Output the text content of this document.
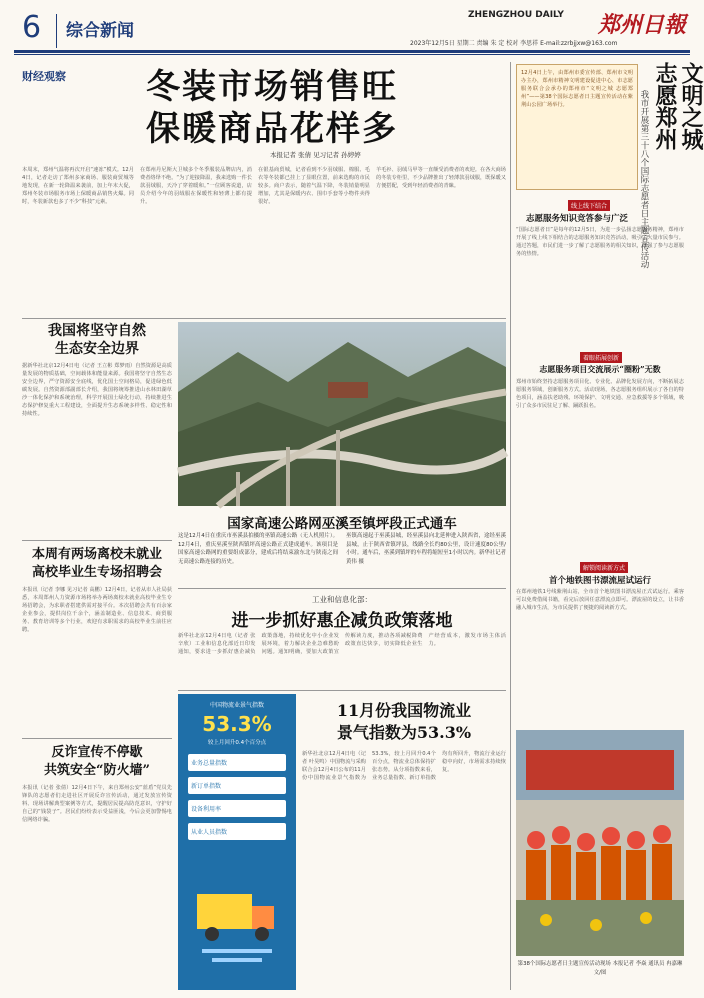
6 综合新闻
ZHENGZHOU DAILY 郑州日報
2023年12月5日 星期二 责编 朱 定 校对 李思祥 E-mail:zzrbjjxw@163.com
财经观察 冬装市场销售旺
保暖商品花样多
本报记者 张倩 见习记者 孙婷婷
本周末，郑州气温将再次开启“速冻”模式。12月4日，记者走访了郑州多家商场、服装商贸城等地发现，在新一轮降温来袭前，加上年末大促，郑州冬装市场服务市场上保暖商品销售火爆。同时，冬装新款也多了不少“科技”元素。
在郑州丹尼斯大卫城多个冬季服装品牌店内，消费者络绎不绝。“为了迎接降温，我来选购一件长款羽绒服，天冷了穿着暖和。”一位顾客说道，店员介绍今年的羽绒服在保暖性和轻薄上都有提升。
在银基商贸城，记者看到不少羽绒服、棉服、毛衣等冬装都已挂上了显眼位置，前来选购的市民较多。商户表示，随着气温下降，冬装销量明显增加，尤其是保暖内衣、围巾手套等小物件卖得很好。
羊毛衫、羽绒马甲等一直颇受消费者的欢迎。在各大商场的冬装专柜里，不少品牌推出了轻薄款羽绒服，既保暖又方便搭配，受到年轻消费者的青睐。
我国将坚守自然
生态安全边界
据新华社北京12月4日电（记者 王立彬 郑梦雨）自然资源是高质量发展的物质基础，空间载体和能量来源。我国将坚守自然生态安全边界，严守资源安全底线，优化国土空间格局，促进绿色低碳发展。自然资源部副部长介绍，我国将统筹推进山水林田湖草沙一体化保护和系统治理，科学开展国土绿化行动，持续推进生态保护修复重大工程建设，全面提升生态系统多样性、稳定性和持续性。
本周有两场离校未就业
高校毕业生专场招聘会
本报讯（记者 李娜 见习记者 高鹏）12月4日，记者从市人社局获悉，本周郑州人力资源市场将举办两场离校未就业高校毕业生专场招聘会，为求职者搭建供需对接平台。本次招聘会共有百余家企业参会，提供岗位千余个，涵盖制造业、信息技术、商贸服务、教育培训等多个行业，欢迎有求职需求的高校毕业生前往应聘。
反诈宣传不停歇
共筑安全“防火墙”
本报讯（记者 张倩）12月4日下午，来自郑州公安“蓝盾”党员先锋队的志愿者们走进社区开展反诈宣传活动，通过发放宣传资料、现场讲解典型案例等方式，提醒居民提高防范意识，守护好自己的“钱袋子”。居民们纷纷表示受益匪浅，今后会更加警惕电信网络诈骗。
国家高速公路网巫溪至镇坪段正式通车
这是12月4日在重庆市巫溪县拍摄的巫镇高速公路（无人机照片）。12月4日，重庆巫溪至陕西镇坪高速公路正式建成通车。该项目是国家高速公路网的重要组成部分，建成后将结束渝东北与陕南之间无高速公路连接的历史。
巫镇高速起于巫溪县城，经巫溪县向北延伸进入陕西省，途经巫溪县城，止于陕西省镇坪县，线路全长约80公里，设计速度80公里/小时。通车后，巫溪到镇坪的车程将缩短至1小时以内。新华社记者 黄伟 摄
工业和信息化部：
进一步抓好惠企减负政策落地
新华社北京12月4日电（记者 张辛欣）工业和信息化部近日印发通知，要求进一步抓好惠企减负政策落地，持续优化中小企业发展环境，着力解决企业急难愁盼问题。通知明确，要加大政策宣传解读力度，推动各项减税降费政策直达快享，切实降低企业生产经营成本，激发市场主体活力。
中国物流业景气指数
53.3%
较上月回升0.4个百分点
业务总量指数
新订单指数
设备利用率
从业人员指数
11月份我国物流业
景气指数为53.3%
新华社北京12月4日电（记者 叶昊鸣）中国物流与采购联合会12月4日公布的11月份中国物流业景气指数为53.3%，较上月回升0.4个百分点，物流业总体保持扩张态势。从分项指数来看，业务总量指数、新订单指数均有所回升，物流行业运行稳中向好，市场需求持续恢复。
12月4日上午，由郑州市委宣传部、郑州市文明办主办，郑州市精神文明建设促进中心、市志愿服务联合会承办的郑州市“文明之城 志愿郑州”——第38个国际志愿者日主题宣传活动在紫荆山公园广场举行。	文明之城
志愿郑州
我市开展第三十八个国际志愿者日主题宣传活动
线上线下结合
志愿服务知识竞答参与广泛
“国际志愿者日”是每年的12月5日，为进一步弘扬志愿服务精神，郑州市开展了线上线下相结合的志愿服务知识竞答活动，吸引了大量市民参与。通过答题，市民们进一步了解了志愿服务的相关知识，增强了参与志愿服务的热情。
着眼拓展创新
志愿服务项目交流展示“圈粉”无数
郑州市始终坚持志愿服务项目化、专业化、品牌化发展方向，不断拓展志愿服务领域，创新服务方式。活动现场，各志愿服务组织展示了各自的特色项目，涵盖扶老助残、环境保护、文明交通、应急救援等多个领域，吸引了众多市民驻足了解、踊跃报名。
解锁阅读新方式
首个地铁图书漂流屋试运行
在郑州地铁1号线紫荆山站，全市首个地铁图书漂流屋正式试运行。乘客可以免费借阅书籍，看完后放回任意漂流点即可。漂流屋的设立，让书香融入城市生活，为市民提供了便捷的阅读新方式。
第38个国际志愿者日主题宣传活动现场 本报记者 李焱 通讯员 冉嘉琳 文/图
